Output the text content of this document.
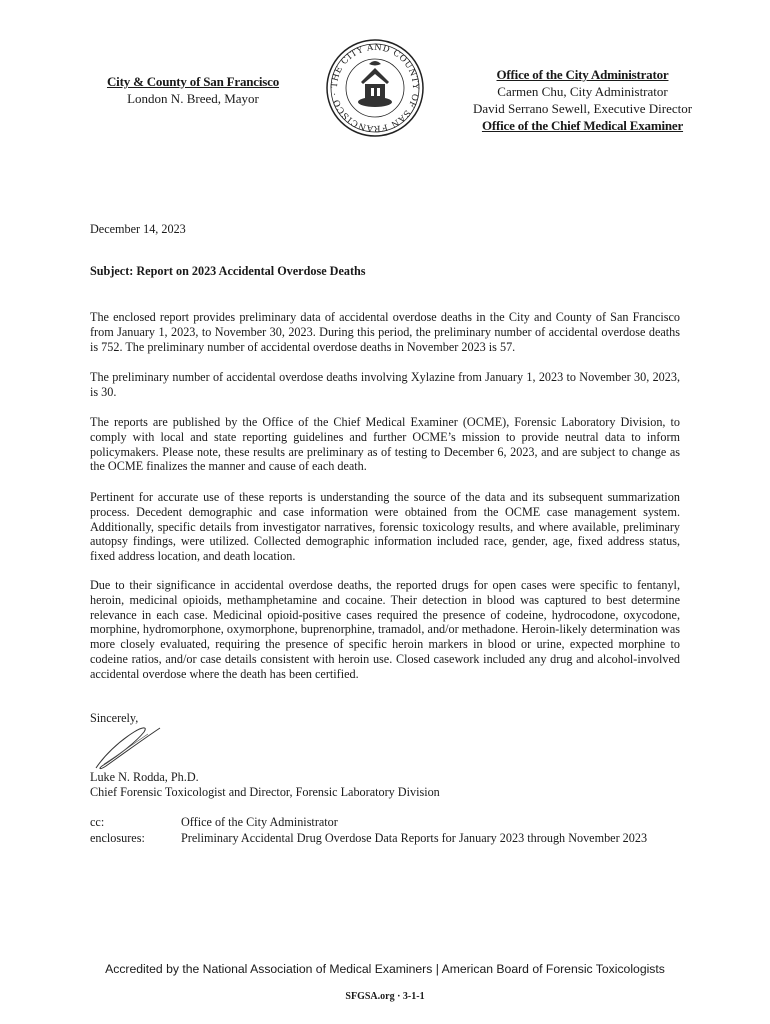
City & County of San Francisco
London N. Breed, Mayor
THE CITY AND COUNTY OF SAN FRANCISCO ·
Office of the City Administrator
Carmen Chu, City Administrator
David Serrano Sewell, Executive Director
Office of the Chief Medical Examiner
December 14, 2023
Subject: Report on 2023 Accidental Overdose Deaths
The enclosed report provides preliminary data of accidental overdose deaths in the City and County of San Francisco from January 1, 2023, to November 30, 2023. During this period, the preliminary number of accidental overdose deaths is 752. The preliminary number of accidental overdose deaths in November 2023 is 57.
The preliminary number of accidental overdose deaths involving Xylazine from January 1, 2023 to November 30, 2023, is 30.
The reports are published by the Office of the Chief Medical Examiner (OCME), Forensic Laboratory Division, to comply with local and state reporting guidelines and further OCME’s mission to provide neutral data to inform policymakers. Please note, these results are preliminary as of testing to December 6, 2023, and are subject to change as the OCME finalizes the manner and cause of each death.
Pertinent for accurate use of these reports is understanding the source of the data and its subsequent summarization process. Decedent demographic and case information were obtained from the OCME case management system. Additionally, specific details from investigator narratives, forensic toxicology results, and where available, preliminary autopsy findings, were utilized. Collected demographic information included race, gender, age, fixed address status, fixed address location, and death location.
Due to their significance in accidental overdose deaths, the reported drugs for open cases were specific to fentanyl, heroin, medicinal opioids, methamphetamine and cocaine. Their detection in blood was captured to best determine relevance in each case. Medicinal opioid-positive cases required the presence of codeine, hydrocodone, oxycodone, morphine, hydromorphone, oxymorphone, buprenorphine, tramadol, and/or methadone. Heroin-likely determination was more closely evaluated, requiring the presence of specific heroin markers in blood or urine, expected morphine to codeine ratios, and/or case details consistent with heroin use. Closed casework included any drug and alcohol-involved accidental overdose where the death has been certified.
Sincerely,
Luke N. Rodda, Ph.D.
Chief Forensic Toxicologist and Director, Forensic Laboratory Division
cc:	Office of the City Administrator
enclosures:	Preliminary Accidental Drug Overdose Data Reports for January 2023 through November 2023
Accredited by the National Association of Medical Examiners | American Board of Forensic Toxicologists
SFGSA.org · 3-1-1
